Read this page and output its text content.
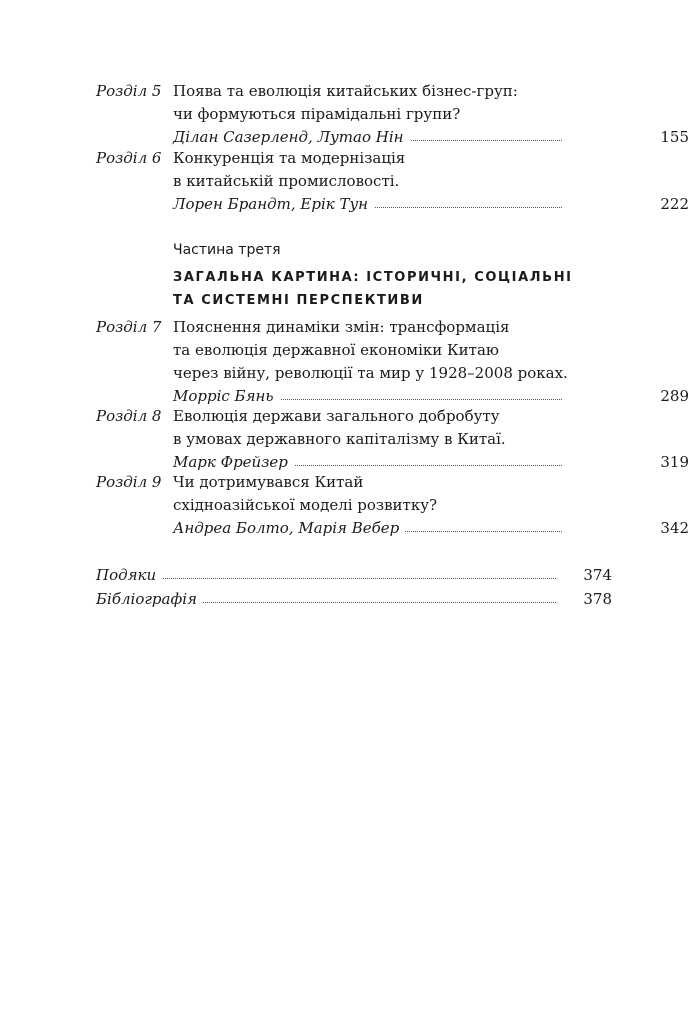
Розділ 5 Поява та еволюція китайських бізнес-груп:
чи формуються пірамідальні групи?
Ділан Сазерленд, Лутао Нін	155
Розділ 6 Конкуренція та модернізація
в китайській промисловості.
Лорен Брандт, Ерік Тун	222
Частина третя
ЗАГАЛЬНА КАРТИНА: ІСТОРИЧНІ, СОЦІАЛЬНІ
ТА СИСТЕМНІ ПЕРСПЕКТИВИ
Розділ 7 Пояснення динаміки змін: трансформація
та еволюція державної економіки Китаю
через війну, революції та мир у 1928–2008 роках.
Морріс Бянь	289
Розділ 8 Еволюція держави загального добробуту
в умовах державного капіталізму в Китаї.
Марк Фрейзер	319
Розділ 9 Чи дотримувався Китай
східноазійської моделі розвитку?
Андреа Болто, Марія Вебер	342
Подяки	374
Бібліографія	378
